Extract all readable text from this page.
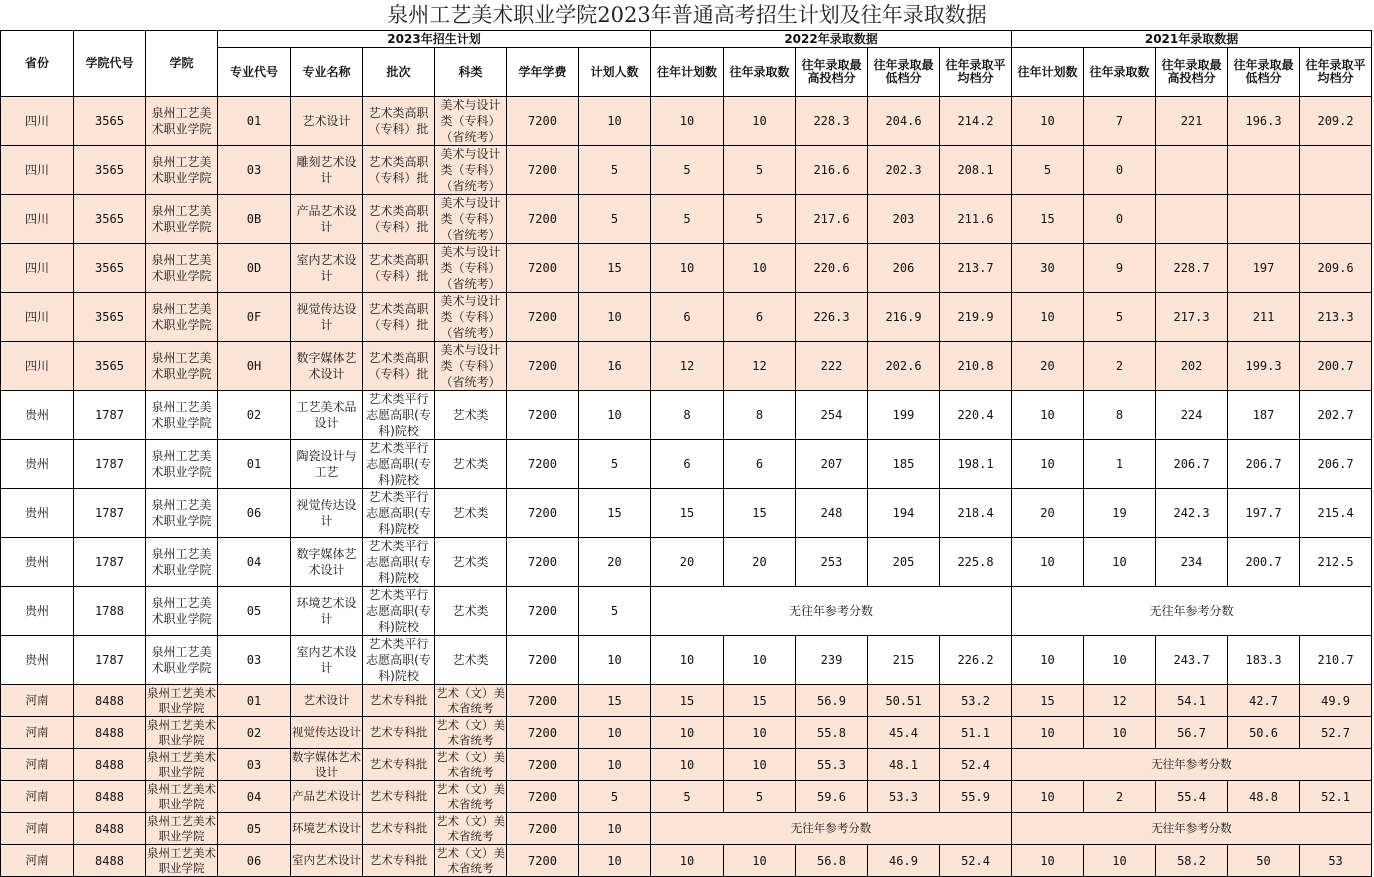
泉州工艺美术职业学院2023年普通高考招生计划及往年录取数据
省份	学院代号	学院	2023年招生计划						2022年录取数据					2021年录取数据				
			专业代号	专业名称	批次	科类	学年学费	计划人数	往年计划数	往年录取数	往年录取最高投档分	往年录取最低档分	往年录取平均档分	往年计划数	往年录取数	往年录取最高投档分	往年录取最低档分	往年录取平均档分
四川	3565	泉州工艺美术职业学院	01	艺术设计	艺术类高职（专科）批	美术与设计类（专科）（省统考）	7200	10	10	10	228.3	204.6	214.2	10	7	221	196.3	209.2
四川	3565	泉州工艺美术职业学院	03	雕刻艺术设计	艺术类高职（专科）批	美术与设计类（专科）（省统考）	7200	5	5	5	216.6	202.3	208.1	5	0			
四川	3565	泉州工艺美术职业学院	0B	产品艺术设计	艺术类高职（专科）批	美术与设计类（专科）（省统考）	7200	5	5	5	217.6	203	211.6	15	0			
四川	3565	泉州工艺美术职业学院	0D	室内艺术设计	艺术类高职（专科）批	美术与设计类（专科）（省统考）	7200	15	10	10	220.6	206	213.7	30	9	228.7	197	209.6
四川	3565	泉州工艺美术职业学院	0F	视觉传达设计	艺术类高职（专科）批	美术与设计类（专科）（省统考）	7200	10	6	6	226.3	216.9	219.9	10	5	217.3	211	213.3
四川	3565	泉州工艺美术职业学院	0H	数字媒体艺术设计	艺术类高职（专科）批	美术与设计类（专科）（省统考）	7200	16	12	12	222	202.6	210.8	20	2	202	199.3	200.7
贵州	1787	泉州工艺美术职业学院	02	工艺美术品设计	艺术类平行志愿高职(专科)院校	艺术类	7200	10	8	8	254	199	220.4	10	8	224	187	202.7
贵州	1787	泉州工艺美术职业学院	01	陶瓷设计与工艺	艺术类平行志愿高职(专科)院校	艺术类	7200	5	6	6	207	185	198.1	10	1	206.7	206.7	206.7
贵州	1787	泉州工艺美术职业学院	06	视觉传达设计	艺术类平行志愿高职(专科)院校	艺术类	7200	15	15	15	248	194	218.4	20	19	242.3	197.7	215.4
贵州	1787	泉州工艺美术职业学院	04	数字媒体艺术设计	艺术类平行志愿高职(专科)院校	艺术类	7200	20	20	20	253	205	225.8	10	10	234	200.7	212.5
贵州	1788	泉州工艺美术职业学院	05	环境艺术设计	艺术类平行志愿高职(专科)院校	艺术类	7200	5	无往年参考分数					无往年参考分数				
贵州	1787	泉州工艺美术职业学院	03	室内艺术设计	艺术类平行志愿高职(专科)院校	艺术类	7200	10	10	10	239	215	226.2	10	10	243.7	183.3	210.7
河南	8488	泉州工艺美术职业学院	01	艺术设计	艺术专科批	艺术（文）美术省统考	7200	15	15	15	56.9	50.51	53.2	15	12	54.1	42.7	49.9
河南	8488	泉州工艺美术职业学院	02	视觉传达设计	艺术专科批	艺术（文）美术省统考	7200	10	10	10	55.8	45.4	51.1	10	10	56.7	50.6	52.7
河南	8488	泉州工艺美术职业学院	03	数字媒体艺术设计	艺术专科批	艺术（文）美术省统考	7200	10	10	10	55.3	48.1	52.4	无往年参考分数				
河南	8488	泉州工艺美术职业学院	04	产品艺术设计	艺术专科批	艺术（文）美术省统考	7200	5	5	5	59.6	53.3	55.9	10	2	55.4	48.8	52.1
河南	8488	泉州工艺美术职业学院	05	环境艺术设计	艺术专科批	艺术（文）美术省统考	7200	10	无往年参考分数					无往年参考分数				
河南	8488	泉州工艺美术职业学院	06	室内艺术设计	艺术专科批	艺术（文）美术省统考	7200	10	10	10	56.8	46.9	52.4	10	10	58.2	50	53
